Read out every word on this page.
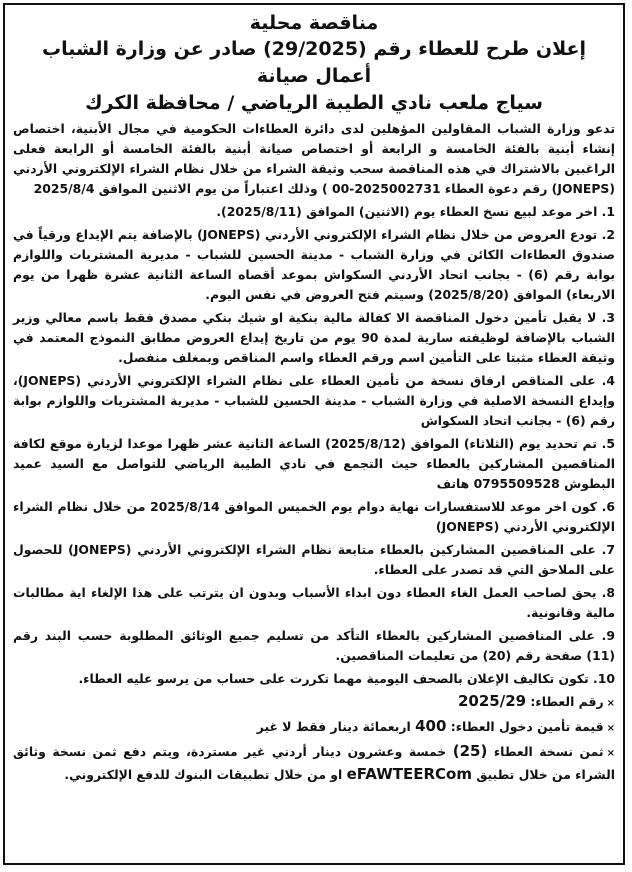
مناقصة محلية
إعلان طرح للعطاء رقم (29/2025) صادر عن وزارة الشباب أعمال صيانة
سياج ملعب نادي الطيبة الرياضي / محافظة الكرك

تدعو وزارة الشباب المقاولين المؤهلين لدى دائرة العطاءات الحكومية في مجال الأبنية، اختصاص إنشاء أبنية بالفئة الخامسة و الرابعة أو اختصاص صيانة أبنية بالفئة الخامسة أو الرابعة فعلى الراغبين بالاشتراك في هذه المناقصة سحب وثيقة الشراء من خلال نظام الشراء الإلكتروني الأردني (JONEPS) رقم دعوة العطاء 2025002731-00 ) وذلك اعتباراً من يوم الاثنين الموافق 2025/8/4

1. اخر موعد لبيع نسخ العطاء يوم (الاثنين) الموافق (2025/8/11).

2. تودع العروض من خلال نظام الشراء الإلكتروني الأردني (JONEPS) بالإضافة يتم الإيداع ورقياً في صندوق العطاءات الكائن في وزارة الشباب - مدينة الحسين للشباب - مديرية المشتريات واللوازم بوابة رقم (6) - بجانب اتحاد الأردني السكواش بموعد أقصاه الساعة الثانية عشرة ظهرا من يوم الاربعاء) الموافق (2025/8/20) وسيتم فتح العروض في نفس اليوم.

3. لا يقبل تأمين دخول المناقصة الا كفالة مالية بنكية او شيك بنكي مصدق فقط باسم معالي وزير الشباب بالإضافة لوظيفته سارية لمدة 90 يوم من تاريخ إيداع العروض مطابق النموذج المعتمد في وثيقة العطاء مثبتا على التأمين اسم ورقم العطاء واسم المناقص وبمغلف منفصل.

4. على المناقص ارفاق نسخة من تأمين العطاء على نظام الشراء الإلكتروني الأردني (JONEPS)، وإيداع النسخة الاصلية في وزارة الشباب - مدينة الحسين للشباب - مديرية المشتريات واللوازم بوابة رقم (6) - بجانب اتحاد السكواش

5. تم تحديد يوم (الثلاثاء) الموافق (2025/8/12) الساعة الثانية عشر ظهرا موعدا لزيارة موقع لكافة المناقصين المشاركين بالعطاء حيث التجمع في نادي الطيبة الرياضي للتواصل مع السيد عميد البطوش 0795509528 هاتف

6. كون اخر موعد للاستفسارات نهاية دوام يوم الخميس الموافق 2025/8/14 من خلال نظام الشراء الإلكتروني الأردني (JONEPS)

7. على المناقصين المشاركين بالعطاء متابعة نظام الشراء الإلكتروني الأردني (JONEPS) للحصول على الملاحق التي قد تصدر على العطاء.

8. يحق لصاحب العمل الغاء العطاء دون ابداء الأسباب وبدون ان يترتب على هذا الإلغاء اية مطالبات مالية وقانونية.

9. على المناقصين المشاركين بالعطاء التأكد من تسليم جميع الوثائق المطلوبة حسب البند رقم (11) صفحة رقم (20) من تعليمات المناقصين.

10. تكون تكاليف الإعلان بالصحف اليومية مهما تكررت على حساب من يرسو عليه العطاء.

×رقم العطاء: 2025/29

×قيمة تأمين دخول العطاء: 400 اربعمائة دينار فقط لا غير

×ثمن نسخة العطاء (25) خمسة وعشرون دينار أردني غير مستردة، ويتم دفع ثمن نسخة وثائق الشراء من خلال تطبيق eFAWTEERCom او من خلال تطبيقات البنوك للدفع الإلكتروني.
